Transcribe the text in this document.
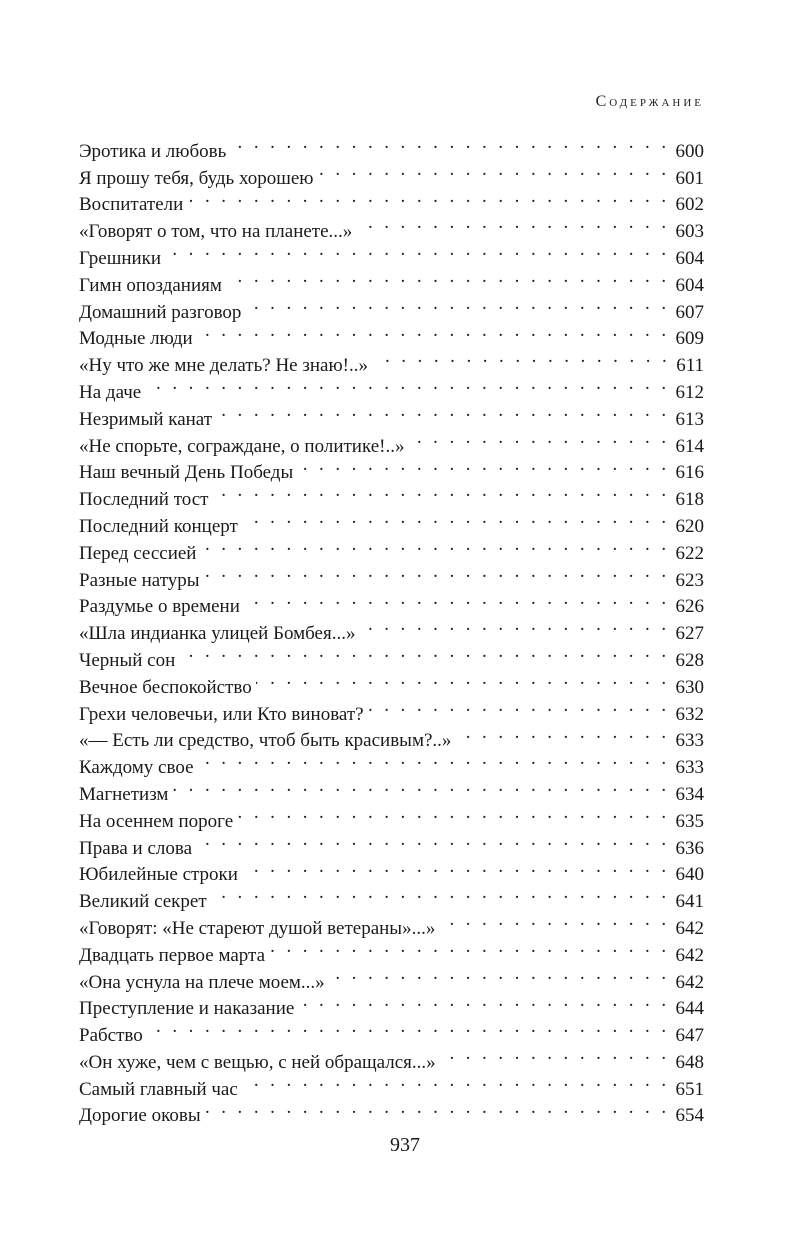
Содержание
Эротика и любовь . . .	600
Я прошу тебя, будь хорошею . . .	601
Воспитатели . . .	602
«Говорят о том, что на планете...» . . .	603
Грешники . . .	604
Гимн опозданиям . . .	604
Домашний разговор . . .	607
Модные люди . . .	609
«Ну что же мне делать? Не знаю!..» . . .	611
На даче . . .	612
Незримый канат . . .	613
«Не спорьте, сограждане, о политике!..» . . .	614
Наш вечный День Победы . . .	616
Последний тост . . .	618
Последний концерт . . .	620
Перед сессией . . .	622
Разные натуры . . .	623
Раздумье о времени . . .	626
«Шла индианка улицей Бомбея...» . . .	627
Черный сон . . .	628
Вечное беспокойство . . .	630
Грехи человечьи, или Кто виноват? . . .	632
«— Есть ли средство, чтоб быть красивым?..» . . .	633
Каждому свое . . .	633
Магнетизм . . .	634
На осеннем пороге . . .	635
Права и слова . . .	636
Юбилейные строки . . .	640
Великий секрет . . .	641
«Говорят: «Не стареют душой ветераны»...» . . .	642
Двадцать первое марта . . .	642
«Она уснула на плече моем...» . . .	642
Преступление и наказание . . .	644
Рабство . . .	647
«Он хуже, чем с вещью, с ней обращался...» . . .	648
Самый главный час . . .	651
Дорогие оковы . . .	654
937
